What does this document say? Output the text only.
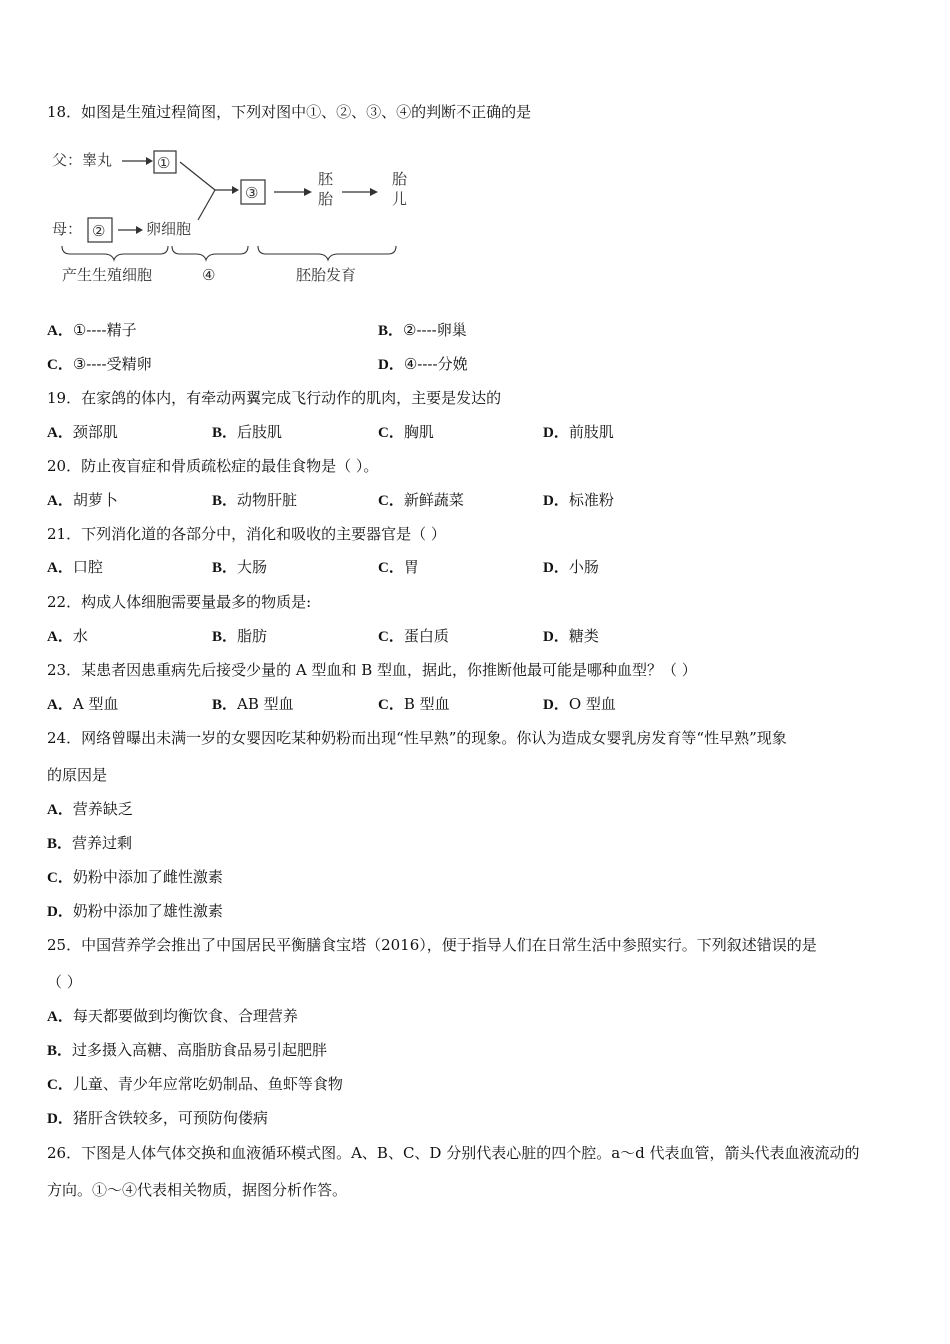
18．如图是生殖过程简图，下列对图中①、②、③、④的判断不正确的是
父：睾丸	①
③
胚
胎
胎
儿
母： ②	卵细胞
产生生殖细胞	④	胚胎发育
A．①----精子	B．②----卵巢
C．③----受精卵	D．④----分娩
19．在家鸽的体内，有牵动两翼完成飞行动作的肌肉，主要是发达的
A．颈部肌	B．后肢肌	C．胸肌	D．前肢肌
20．防止夜盲症和骨质疏松症的最佳食物是（ ）。
A．胡萝卜	B．动物肝脏	C．新鲜蔬菜	D．标准粉
21．下列消化道的各部分中，消化和吸收的主要器官是（ ）
A．口腔	B．大肠	C．胃	D．小肠
22．构成人体细胞需要量最多的物质是:
A．水	B．脂肪	C．蛋白质	D．糖类
23．某患者因患重病先后接受少量的 A 型血和 B 型血，据此，你推断他最可能是哪种血型？（ ）
A．A 型血	B．AB 型血	C．B 型血	D．O 型血
24．网络曾曝出未满一岁的女婴因吃某种奶粉而出现“性早熟”的现象。你认为造成女婴乳房发育等“性早熟”现象
的原因是
A．营养缺乏
B．营养过剩
C．奶粉中添加了雌性激素
D．奶粉中添加了雄性激素
25．中国营养学会推出了中国居民平衡膳食宝塔（2016），便于指导人们在日常生活中参照实行。下列叙述错误的是
（ ）
A．每天都要做到均衡饮食、合理营养
B．过多摄入高糖、高脂肪食品易引起肥胖
C．儿童、青少年应常吃奶制品、鱼虾等食物
D．猪肝含铁较多，可预防佝偻病
26．下图是人体气体交换和血液循环模式图。A、B、C、D 分别代表心脏的四个腔。a～d 代表血管，箭头代表血液流动的
方向。①～④代表相关物质，据图分析作答。
